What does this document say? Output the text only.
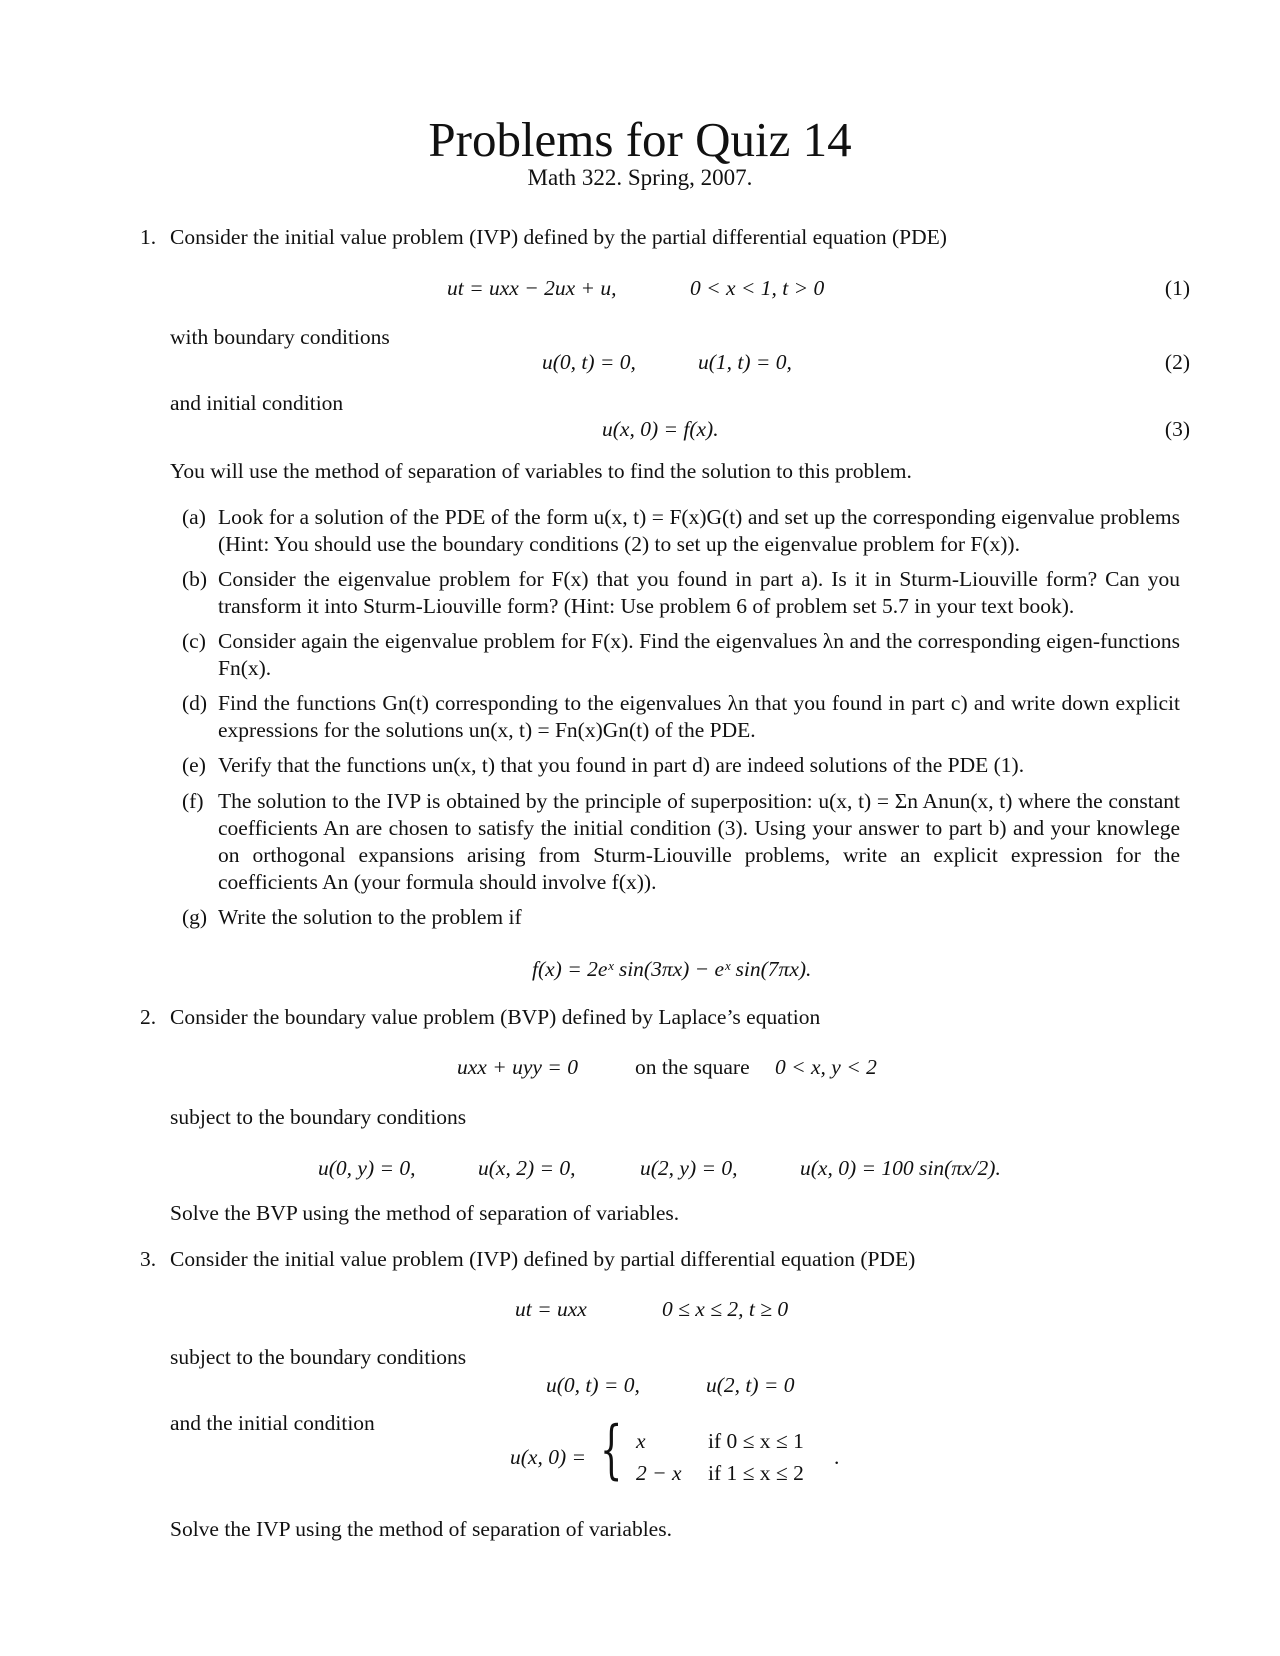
Problems for Quiz 14
Math 322. Spring, 2007.
1. Consider the initial value problem (IVP) defined by the partial differential equation (PDE)
ut = uxx − 2ux + u,	0 < x < 1, t > 0	(1)
with boundary conditions
u(0, t) = 0,	u(1, t) = 0,	(2)
and initial condition
u(x, 0) = f(x).	(3)
You will use the method of separation of variables to find the solution to this problem.
(a) Look for a solution of the PDE of the form u(x, t) = F(x)G(t) and set up the corresponding eigenvalue problems (Hint: You should use the boundary conditions (2) to set up the eigenvalue problem for F(x)).
(b) Consider the eigenvalue problem for F(x) that you found in part a). Is it in Sturm-Liouville form? Can you transform it into Sturm-Liouville form? (Hint: Use problem 6 of problem set 5.7 in your text book).
(c) Consider again the eigenvalue problem for F(x). Find the eigenvalues λn and the corresponding eigen-functions Fn(x).
(d) Find the functions Gn(t) corresponding to the eigenvalues λn that you found in part c) and write down explicit expressions for the solutions un(x, t) = Fn(x)Gn(t) of the PDE.
(e) Verify that the functions un(x, t) that you found in part d) are indeed solutions of the PDE (1).
(f) The solution to the IVP is obtained by the principle of superposition: u(x, t) = Σn Anun(x, t) where the constant coefficients An are chosen to satisfy the initial condition (3). Using your answer to part b) and your knowlege on orthogonal expansions arising from Sturm-Liouville problems, write an explicit expression for the coefficients An (your formula should involve f(x)).
(g) Write the solution to the problem if
f(x) = 2eˣ sin(3πx) − eˣ sin(7πx).
2. Consider the boundary value problem (BVP) defined by Laplace’s equation
uxx + uyy = 0	on the square 0 < x, y < 2
subject to the boundary conditions
u(0, y) = 0,	u(x, 2) = 0,	u(2, y) = 0,	u(x, 0) = 100 sin(πx/2).
Solve the BVP using the method of separation of variables.
3. Consider the initial value problem (IVP) defined by partial differential equation (PDE)
ut = uxx	0 ≤ x ≤ 2, t ≥ 0
subject to the boundary conditions
u(0, t) = 0,	u(2, t) = 0
and the initial condition
u(x, 0) = { x	if 0 ≤ x ≤ 1
2 − x if 1 ≤ x ≤ 2
.
Solve the IVP using the method of separation of variables.
